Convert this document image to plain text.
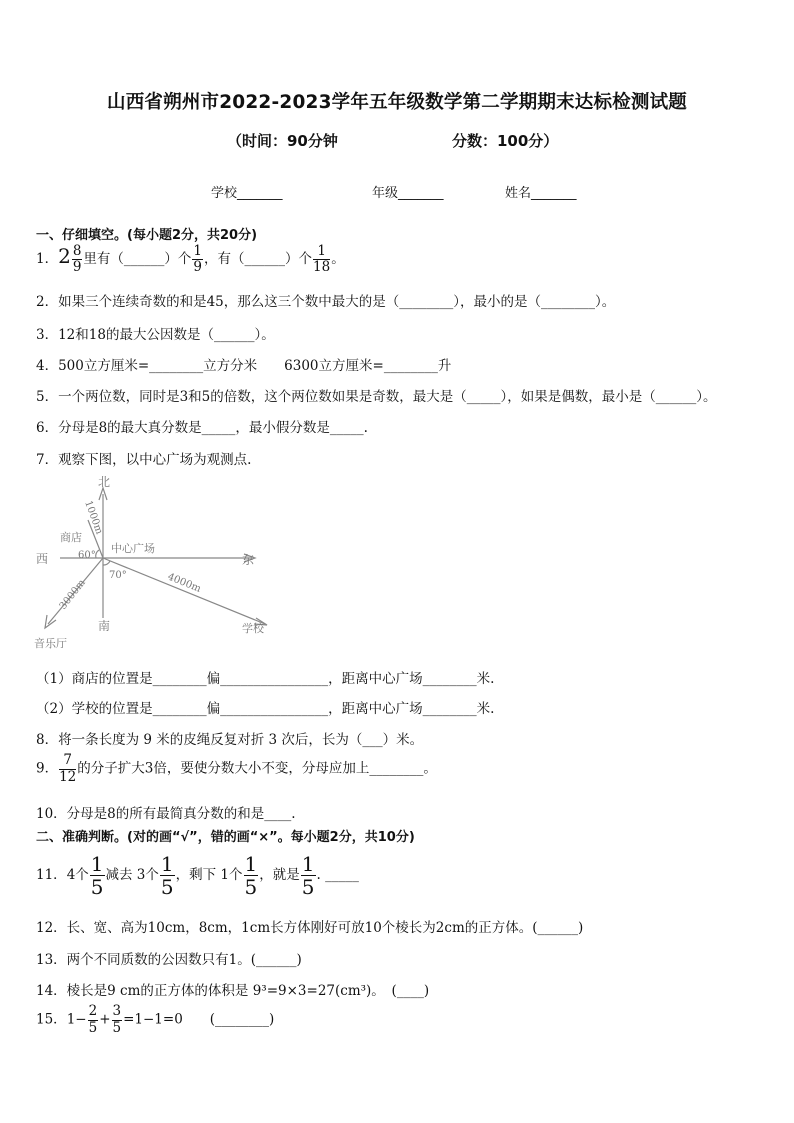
山西省朔州市2022-2023学年五年级数学第二学期期末达标检测试题
（时间：90分钟	分数：100分）
学校_______	年级_______	姓名_______
一、仔细填空。(每小题2分，共20分)
1．$2 \frac{8}{9}$ 里有（______）个 $\frac{1}{9}$ ，有（______）个 $\frac{1}{18}$ 。
2．如果三个连续奇数的和是45，那么这三个数中最大的是（________），最小的是（________）。
3．12和18的最大公因数是（______）。
4．500立方厘米=________立方分米　　6300立方厘米=________升
5．一个两位数，同时是3和5的倍数，这个两位数如果是奇数，最大是（_____），如果是偶数，最小是（______）。
6．分母是8的最大真分数是_____，最小假分数是_____.
7．观察下图，以中心广场为观测点.
北
南
西	东
中心广场
商店
学校
音乐厅
1000m
4000m
3000m
60°
70°
（1）商店的位置是________偏________________，距离中心广场________米.
（2）学校的位置是________偏________________，距离中心广场________米.
8．将一条长度为 9 米的皮绳反复对折 3 次后，长为（___）米。
9． $\frac{7}{12}$ 的分子扩大3倍，要使分数大小不变，分母应加上________。
10．分母是8的所有最简真分数的和是____.
二、准确判断。(对的画“√”，错的画“×”。每小题2分，共10分)
11．4个 $\frac{1}{5}$ 减去 3个 $\frac{1}{5}$ ，剩下 1个 $\frac{1}{5}$ ，就是 $\frac{1}{5}$ . _____
12．长、宽、高为10cm，8cm，1cm长方体刚好可放10个棱长为2cm的正方体。(______)
13．两个不同质数的公因数只有1。(______)
14．棱长是9 cm的正方体的体积是 9³=9×3=27(cm³)。　(____)
15．$1- \frac{2}{5} + \frac{3}{5} =1-1=0$　　(________)
